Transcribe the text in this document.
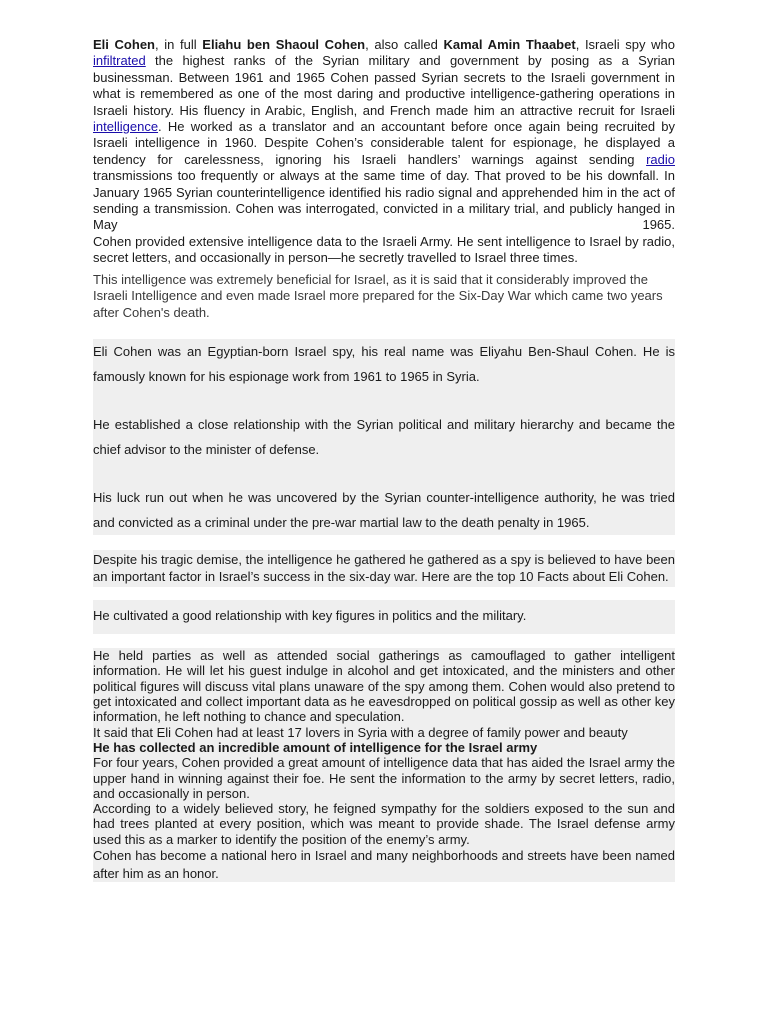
Eli Cohen, in full Eliahu ben Shaoul Cohen, also called Kamal Amin Thaabet, Israeli spy who infiltrated the highest ranks of the Syrian military and government by posing as a Syrian businessman. Between 1961 and 1965 Cohen passed Syrian secrets to the Israeli government in what is remembered as one of the most daring and productive intelligence-gathering operations in Israeli history. His fluency in Arabic, English, and French made him an attractive recruit for Israeli intelligence. He worked as a translator and an accountant before once again being recruited by Israeli intelligence in 1960. Despite Cohen’s considerable talent for espionage, he displayed a tendency for carelessness, ignoring his Israeli handlers’ warnings against sending radio transmissions too frequently or always at the same time of day. That proved to be his downfall. In January 1965 Syrian counterintelligence identified his radio signal and apprehended him in the act of sending a transmission. Cohen was interrogated, convicted in a military trial, and publicly hanged in May 1965.

Cohen provided extensive intelligence data to the Israeli Army. He sent intelligence to Israel by radio, secret letters, and occasionally in person—he secretly travelled to Israel three times.

This intelligence was extremely beneficial for Israel, as it is said that it considerably improved the Israeli Intelligence and even made Israel more prepared for the Six-Day War which came two years after Cohen's death.

Eli Cohen was an Egyptian-born Israel spy, his real name was Eliyahu Ben-Shaul Cohen. He is famously known for his espionage work from 1961 to 1965 in Syria.

He established a close relationship with the Syrian political and military hierarchy and became the chief advisor to the minister of defense.

His luck run out when he was uncovered by the Syrian counter-intelligence authority, he was tried and convicted as a criminal under the pre-war martial law to the death penalty in 1965.

Despite his tragic demise, the intelligence he gathered he gathered as a spy is believed to have been an important factor in Israel’s success in the six-day war. Here are the top 10 Facts about Eli Cohen.

He cultivated a good relationship with key figures in politics and the military.

He held parties as well as attended social gatherings as camouflaged to gather intelligent information. He will let his guest indulge in alcohol and get intoxicated, and the ministers and other political figures will discuss vital plans unaware of the spy among them. Cohen would also pretend to get intoxicated and collect important data as he eavesdropped on political gossip as well as other key information, he left nothing to chance and speculation.

It said that Eli Cohen had at least 17 lovers in Syria with a degree of family power and beauty

He has collected an incredible amount of intelligence for the Israel army

For four years, Cohen provided a great amount of intelligence data that has aided the Israel army the upper hand in winning against their foe. He sent the information to the army by secret letters, radio, and occasionally in person.

According to a widely believed story, he feigned sympathy for the soldiers exposed to the sun and had trees planted at every position, which was meant to provide shade. The Israel defense army used this as a marker to identify the position of the enemy’s army.

Cohen has become a national hero in Israel and many neighborhoods and streets have been named after him as an honor.
